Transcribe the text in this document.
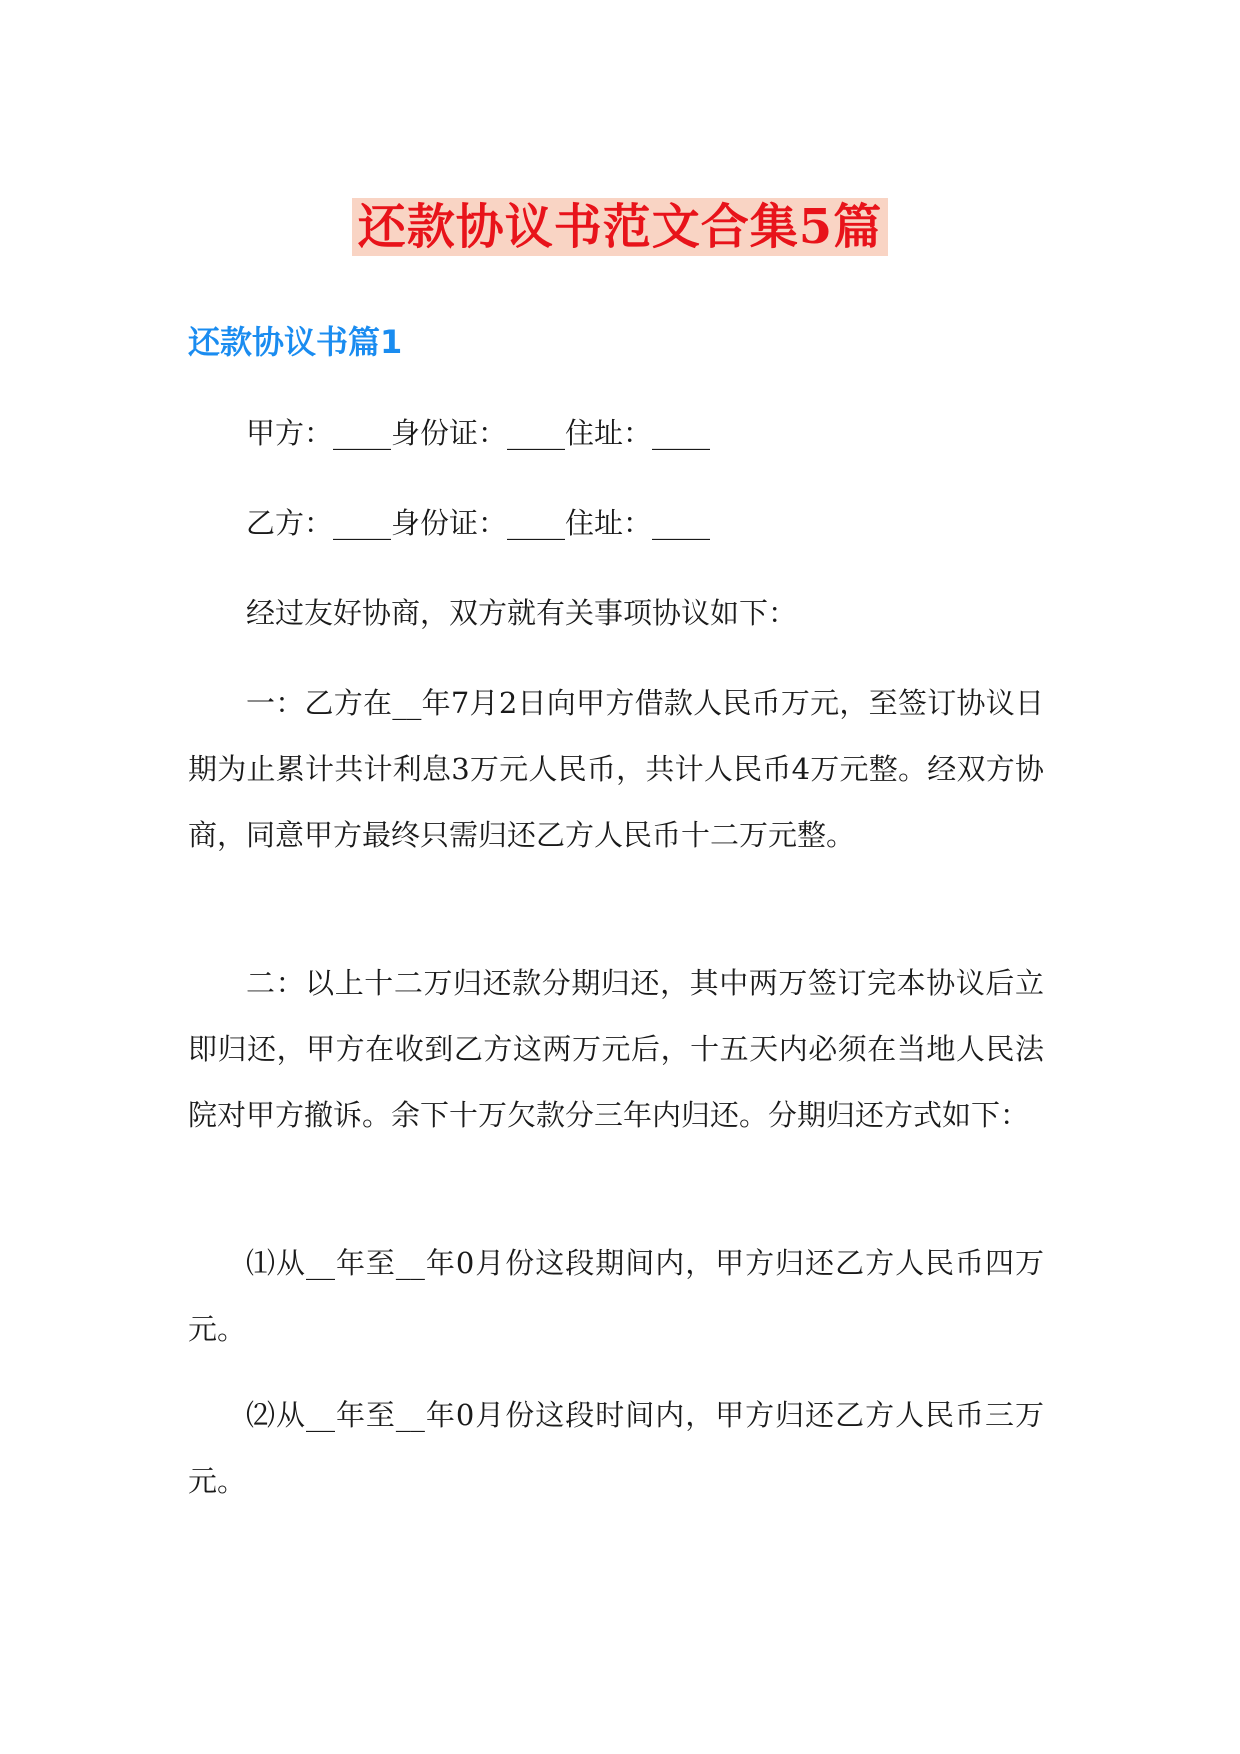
还款协议书范文合集5篇
还款协议书篇1

甲方：____身份证：____住址：____

乙方：____身份证：____住址：____

经过友好协商，双方就有关事项协议如下：

一：乙方在__年7月2日向甲方借款人民币万元，至签订协议日期为止累计共计利息3万元人民币，共计人民币4万元整。经双方协商，同意甲方最终只需归还乙方人民币十二万元整。

二：以上十二万归还款分期归还，其中两万签订完本协议后立即归还，甲方在收到乙方这两万元后，十五天内必须在当地人民法院对甲方撤诉。余下十万欠款分三年内归还。分期归还方式如下：

⑴从__年至__年0月份这段期间内，甲方归还乙方人民币四万元。

⑵从__年至__年0月份这段时间内，甲方归还乙方人民币三万元。
